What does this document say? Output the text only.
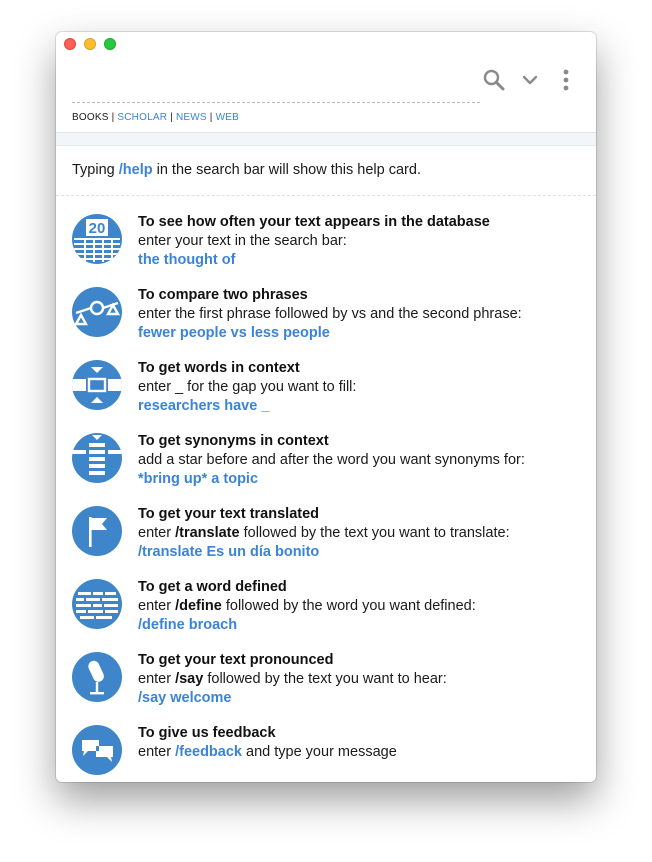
BOOKS | SCHOLAR | NEWS | WEB
Typing /help in the search bar will show this help card.
20 To see how often your text appears in the database
enter your text in the search bar:
the thought of
To compare two phrases
enter the first phrase followed by vs and the second phrase:
fewer people vs less people
To get words in context
enter _ for the gap you want to fill:
researchers have _
To get synonyms in context
add a star before and after the word you want synonyms for:
*bring up* a topic
To get your text translated
enter /translate followed by the text you want to translate:
/translate Es un día bonito
To get a word defined
enter /define followed by the word you want defined:
/define broach
To get your text pronounced
enter /say followed by the text you want to hear:
/say welcome
To give us feedback
enter /feedback and type your message
